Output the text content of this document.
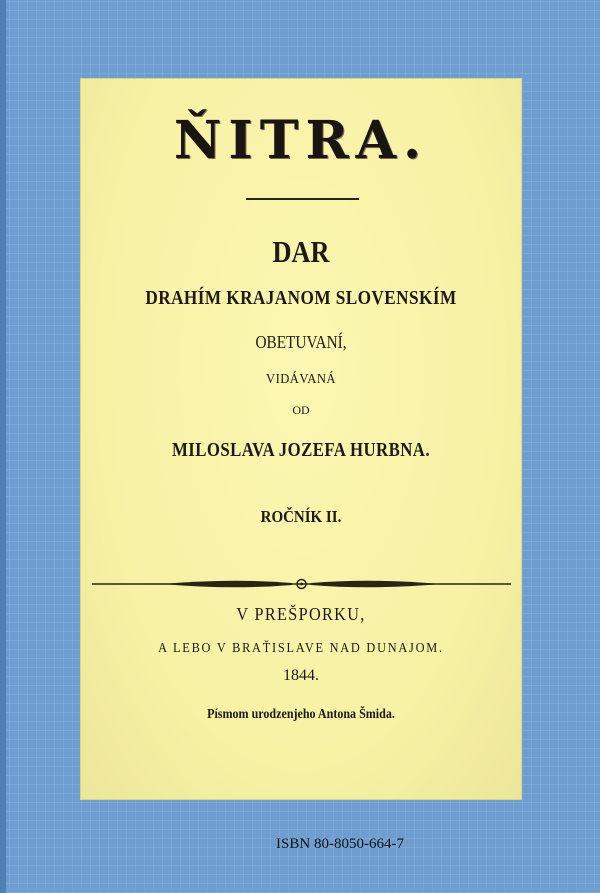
ŇITRA.
DAR
DRAHÍM KRAJANOM SLOVENSKÍM
OBETUVANÍ,
VIDÁVANÁ
OD
MILOSLAVA JOZEFA HURBNA.
ROČNÍK II.
V PREŠPORKU,
A LEBO V BRAŤISLAVE NAD DUNAJOM.
1844.
Písmom urodzenjeho Antona Šmida.
ISBN 80-8050-664-7
